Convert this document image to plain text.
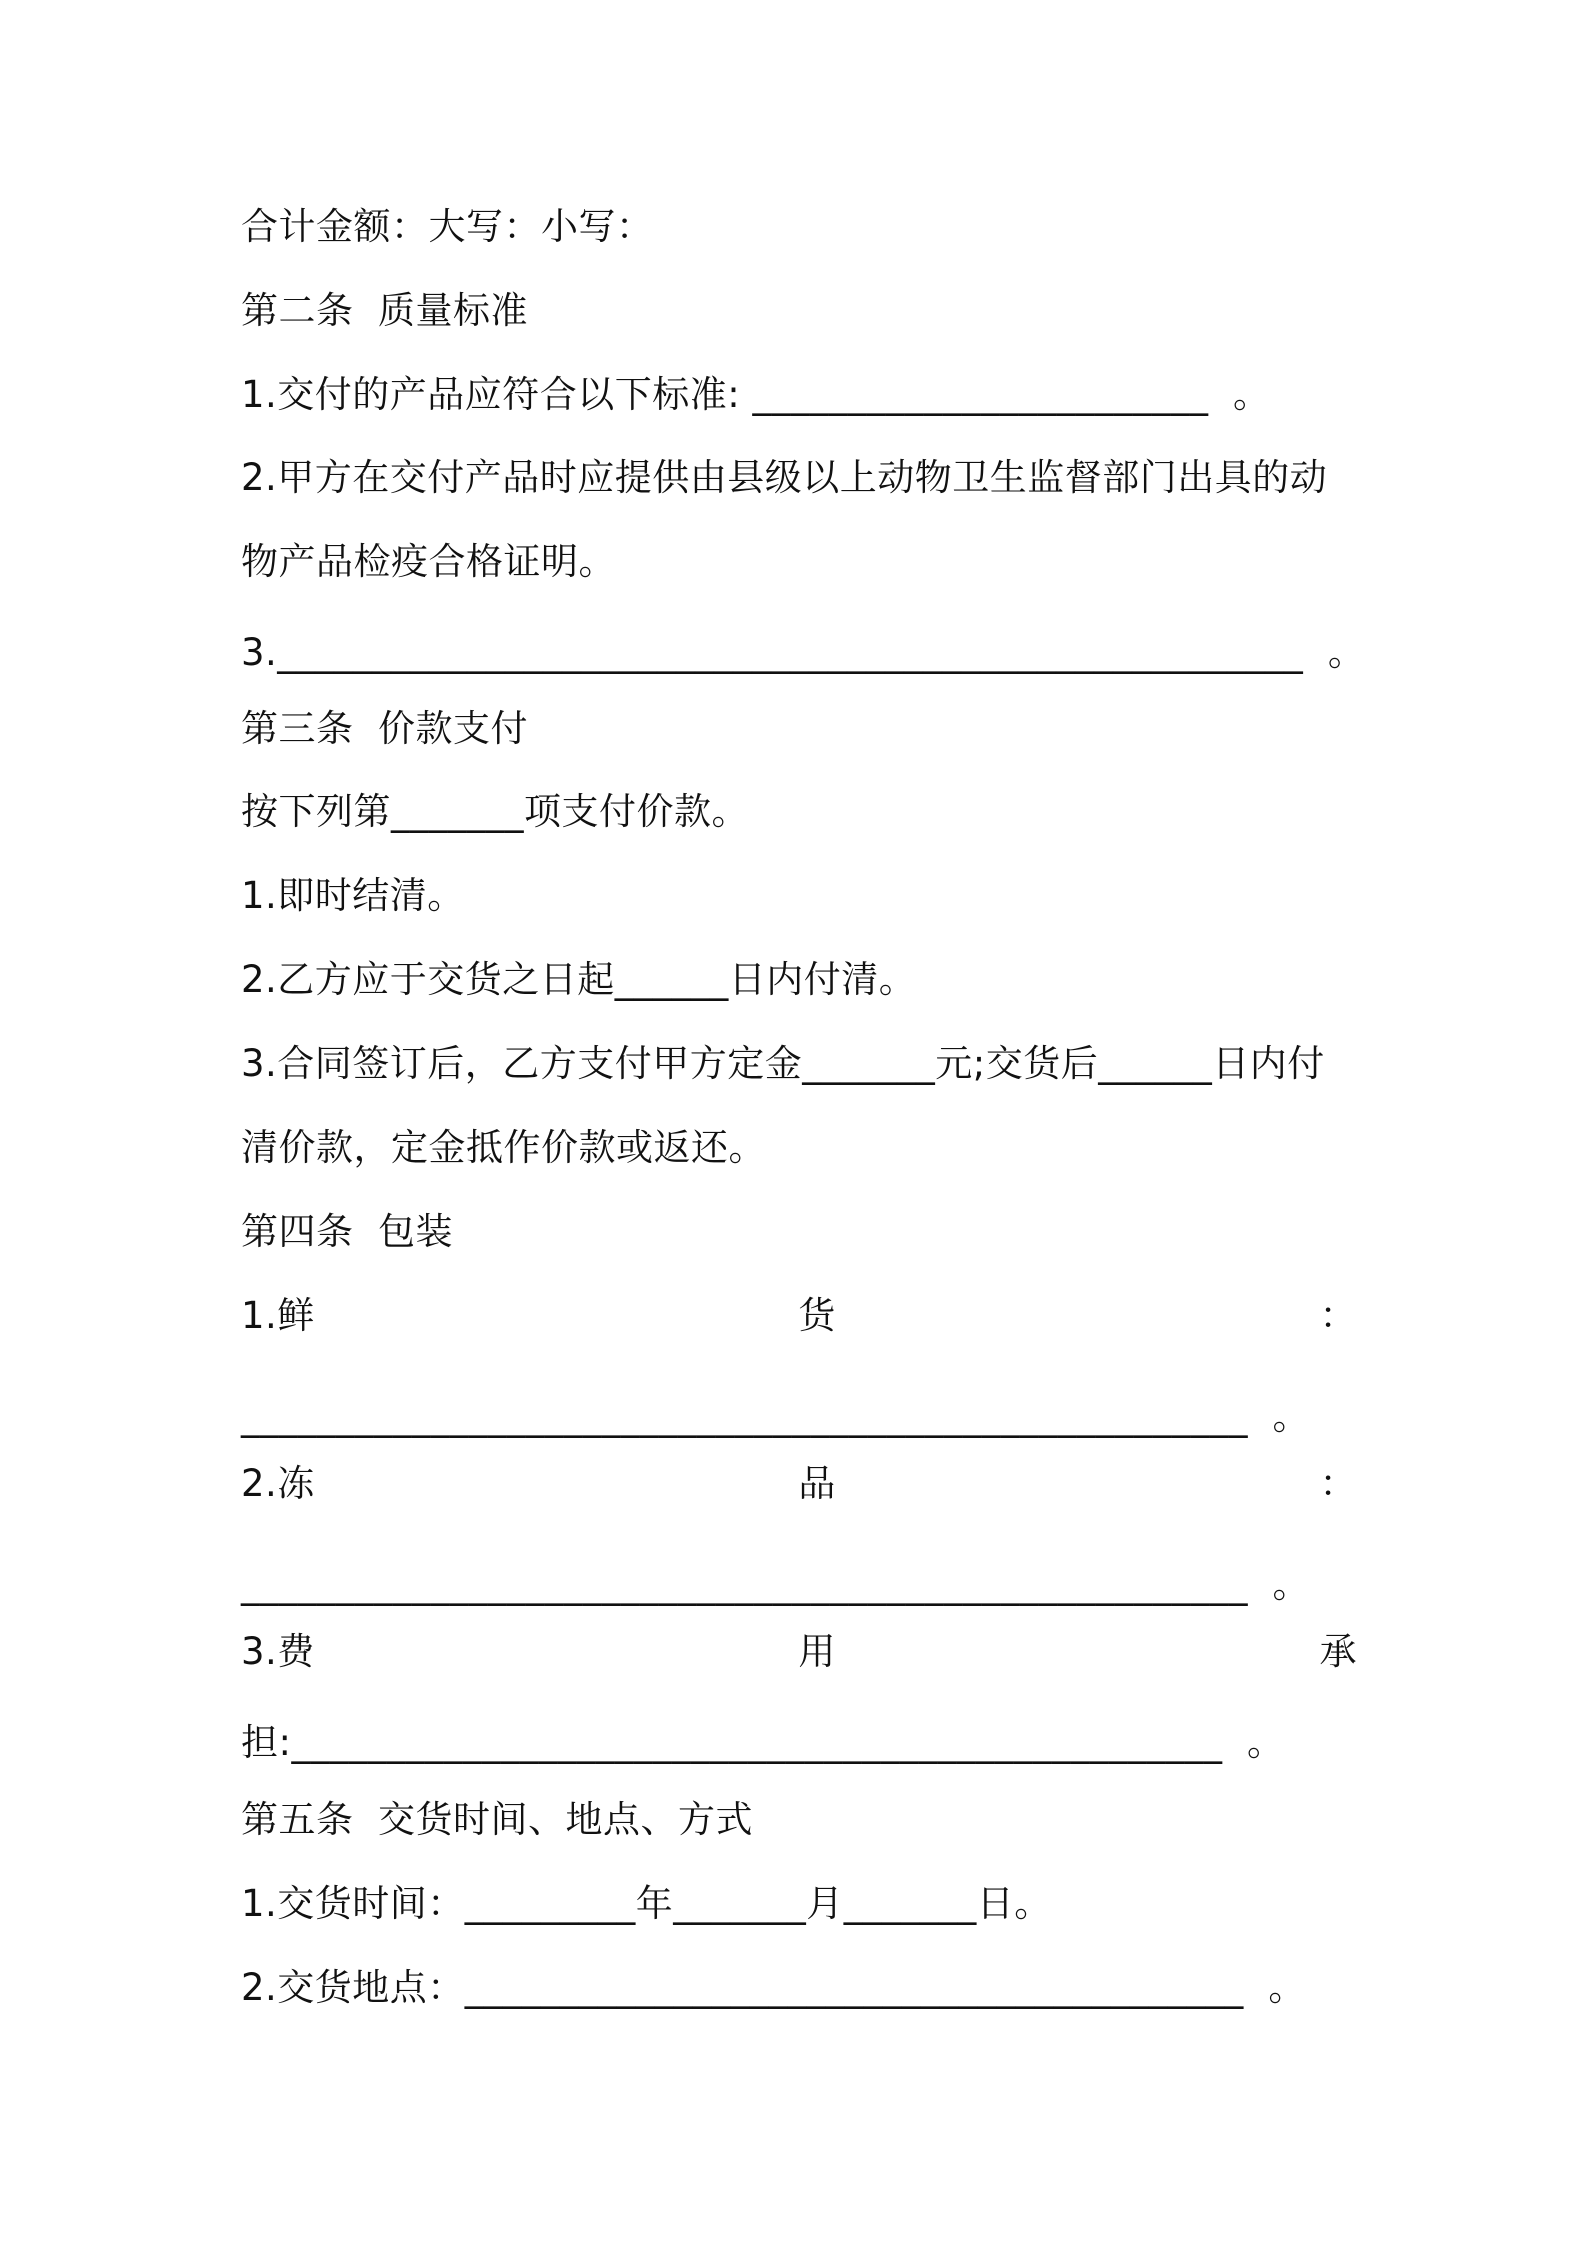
合计金额：大写：小写：
第二条  质量标准
1.交付的产品应符合以下标准: ________________________  。
2.甲方在交付产品时应提供由县级以上动物卫生监督部门出具的动
物产品检疫合格证明。
3.______________________________________________________  。
第三条  价款支付
按下列第_______项支付价款。
1.即时结清。
2.乙方应于交货之日起______日内付清。
3.合同签订后，乙方支付甲方定金_______元;交货后______日内付
清价款，定金抵作价款或返还。
第四条  包装
1.鲜	货	：
_____________________________________________________  。
2.冻	品	：
_____________________________________________________  。
3.费	用	承
担:_________________________________________________  。
第五条  交货时间、地点、方式
1.交货时间：_________年_______月_______日。
2.交货地点：_________________________________________  。
